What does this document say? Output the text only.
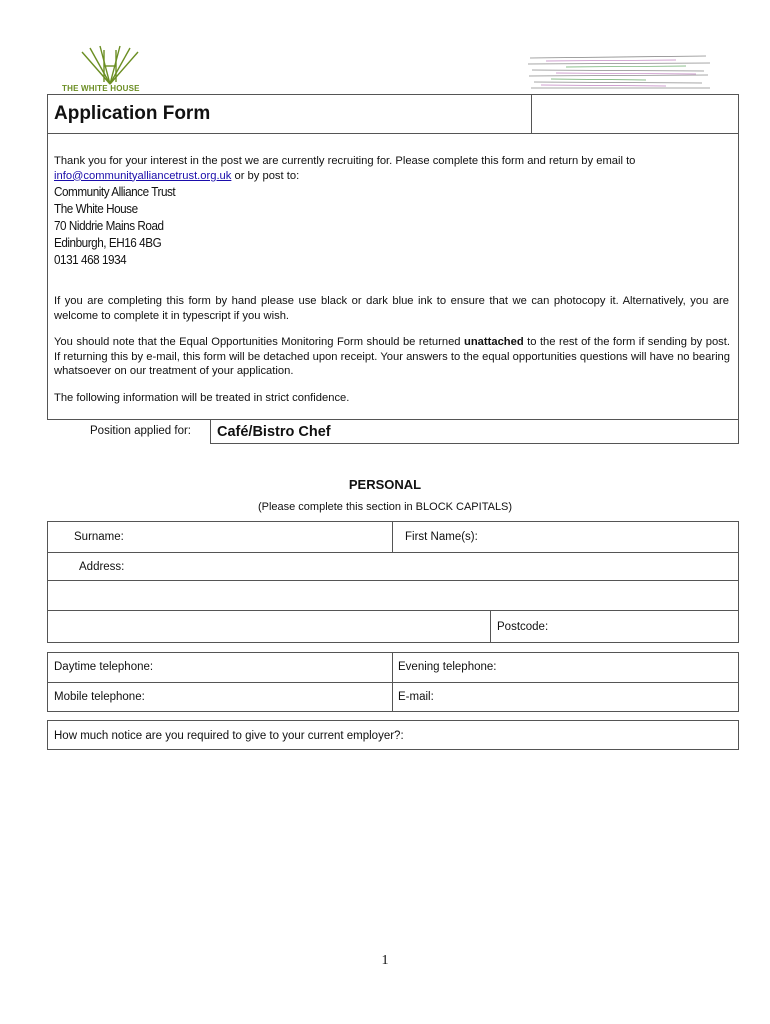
THE WHITE HOUSE
Application Form
Thank you for your interest in the post we are currently recruiting for. Please complete this form and return by email to
info@communityalliancetrust.org.uk or by post to:
Community Alliance Trust
The White House
70 Niddrie Mains Road
Edinburgh, EH16 4BG
0131 468 1934
If you are completing this form by hand please use black or dark blue ink to ensure that we can photocopy it. Alternatively, you are welcome to complete it in typescript if you wish.
You should note that the Equal Opportunities Monitoring Form should be returned unattached to the rest of the form if sending by post. If returning this by e-mail, this form will be detached upon receipt. Your answers to the equal opportunities questions will have no bearing whatsoever on our treatment of your application.
The following information will be treated in strict confidence.
Position applied for: Café/Bistro Chef
PERSONAL
(Please complete this section in BLOCK CAPITALS)
Surname:	First Name(s):
Address:
Postcode:
Daytime telephone:	Evening telephone:
Mobile telephone:	E-mail:
How much notice are you required to give to your current employer?:
1
